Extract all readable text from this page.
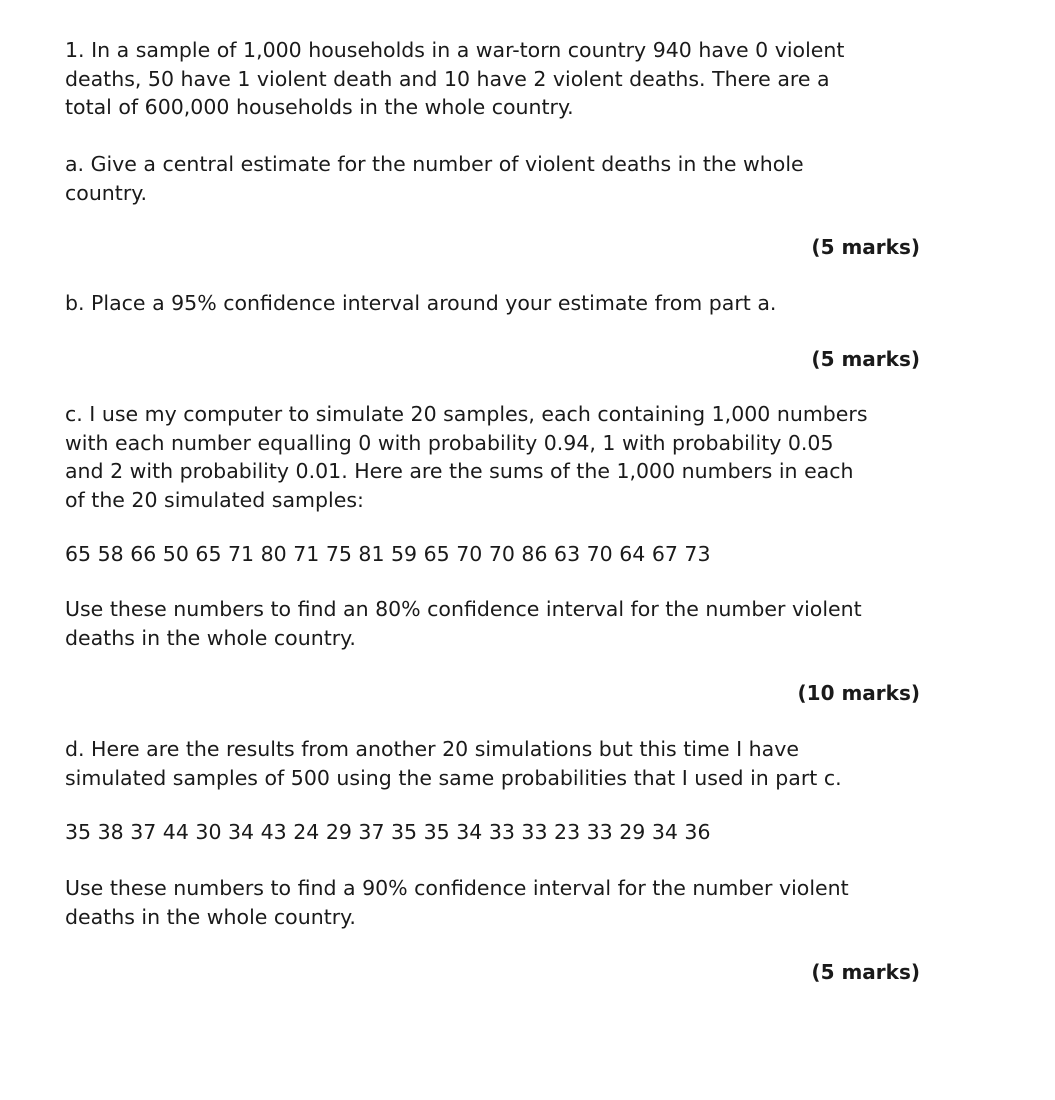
1. In a sample of 1,000 households in a war-torn country 940 have 0 violent
deaths, 50 have 1 violent death and 10 have 2 violent deaths. There are a
total of 600,000 households in the whole country.
a. Give a central estimate for the number of violent deaths in the whole
country.
(5 marks)
b. Place a 95% confidence interval around your estimate from part a.
(5 marks)
c. I use my computer to simulate 20 samples, each containing 1,000 numbers
with each number equalling 0 with probability 0.94, 1 with probability 0.05
and 2 with probability 0.01. Here are the sums of the 1,000 numbers in each
of the 20 simulated samples:
65 58 66 50 65 71 80 71 75 81 59 65 70 70 86 63 70 64 67 73
Use these numbers to find an 80% confidence interval for the number violent
deaths in the whole country.
(10 marks)
d. Here are the results from another 20 simulations but this time I have
simulated samples of 500 using the same probabilities that I used in part c.
35 38 37 44 30 34 43 24 29 37 35 35 34 33 33 23 33 29 34 36
Use these numbers to find a 90% confidence interval for the number violent
deaths in the whole country.
(5 marks)
